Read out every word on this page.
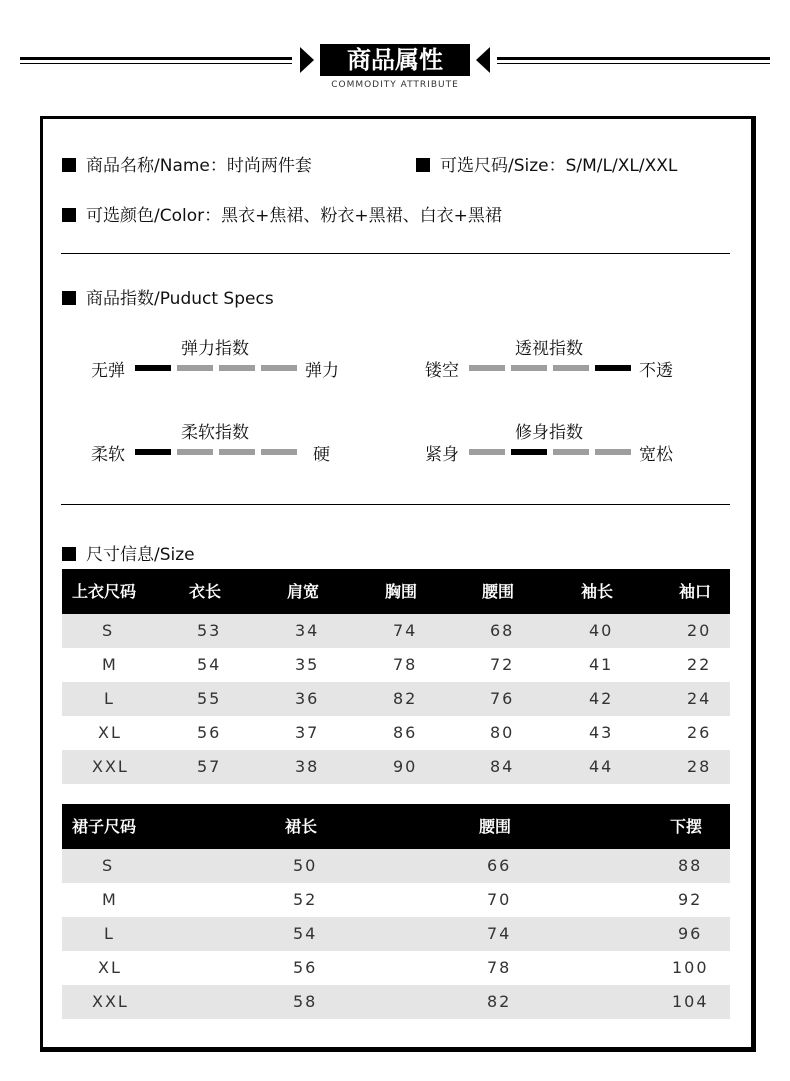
商品属性
COMMODITY ATTRIBUTE
商品名称/Name：时尚两件套	可选尺码/Size：S/M/L/XL/XXL
可选颜色/Color：黑衣+焦裙、粉衣+黑裙、白衣+黑裙
商品指数/Puduct Specs
弹力指数
无弹	弹力
透视指数
镂空	不透
柔软指数
柔软	硬
修身指数
紧身	宽松
尺寸信息/Size
上衣尺码	衣长	肩宽	胸围	腰围	袖长	袖口
S	53	34	74	68	40	20
M	54	35	78	72	41	22
L	55	36	82	76	42	24
XL	56	37	86	80	43	26
XXL	57	38	90	84	44	28
裙子尺码	裙长	腰围	下摆
S	50	66	88
M	52	70	92
L	54	74	96
XL	56	78	100
XXL	58	82	104
